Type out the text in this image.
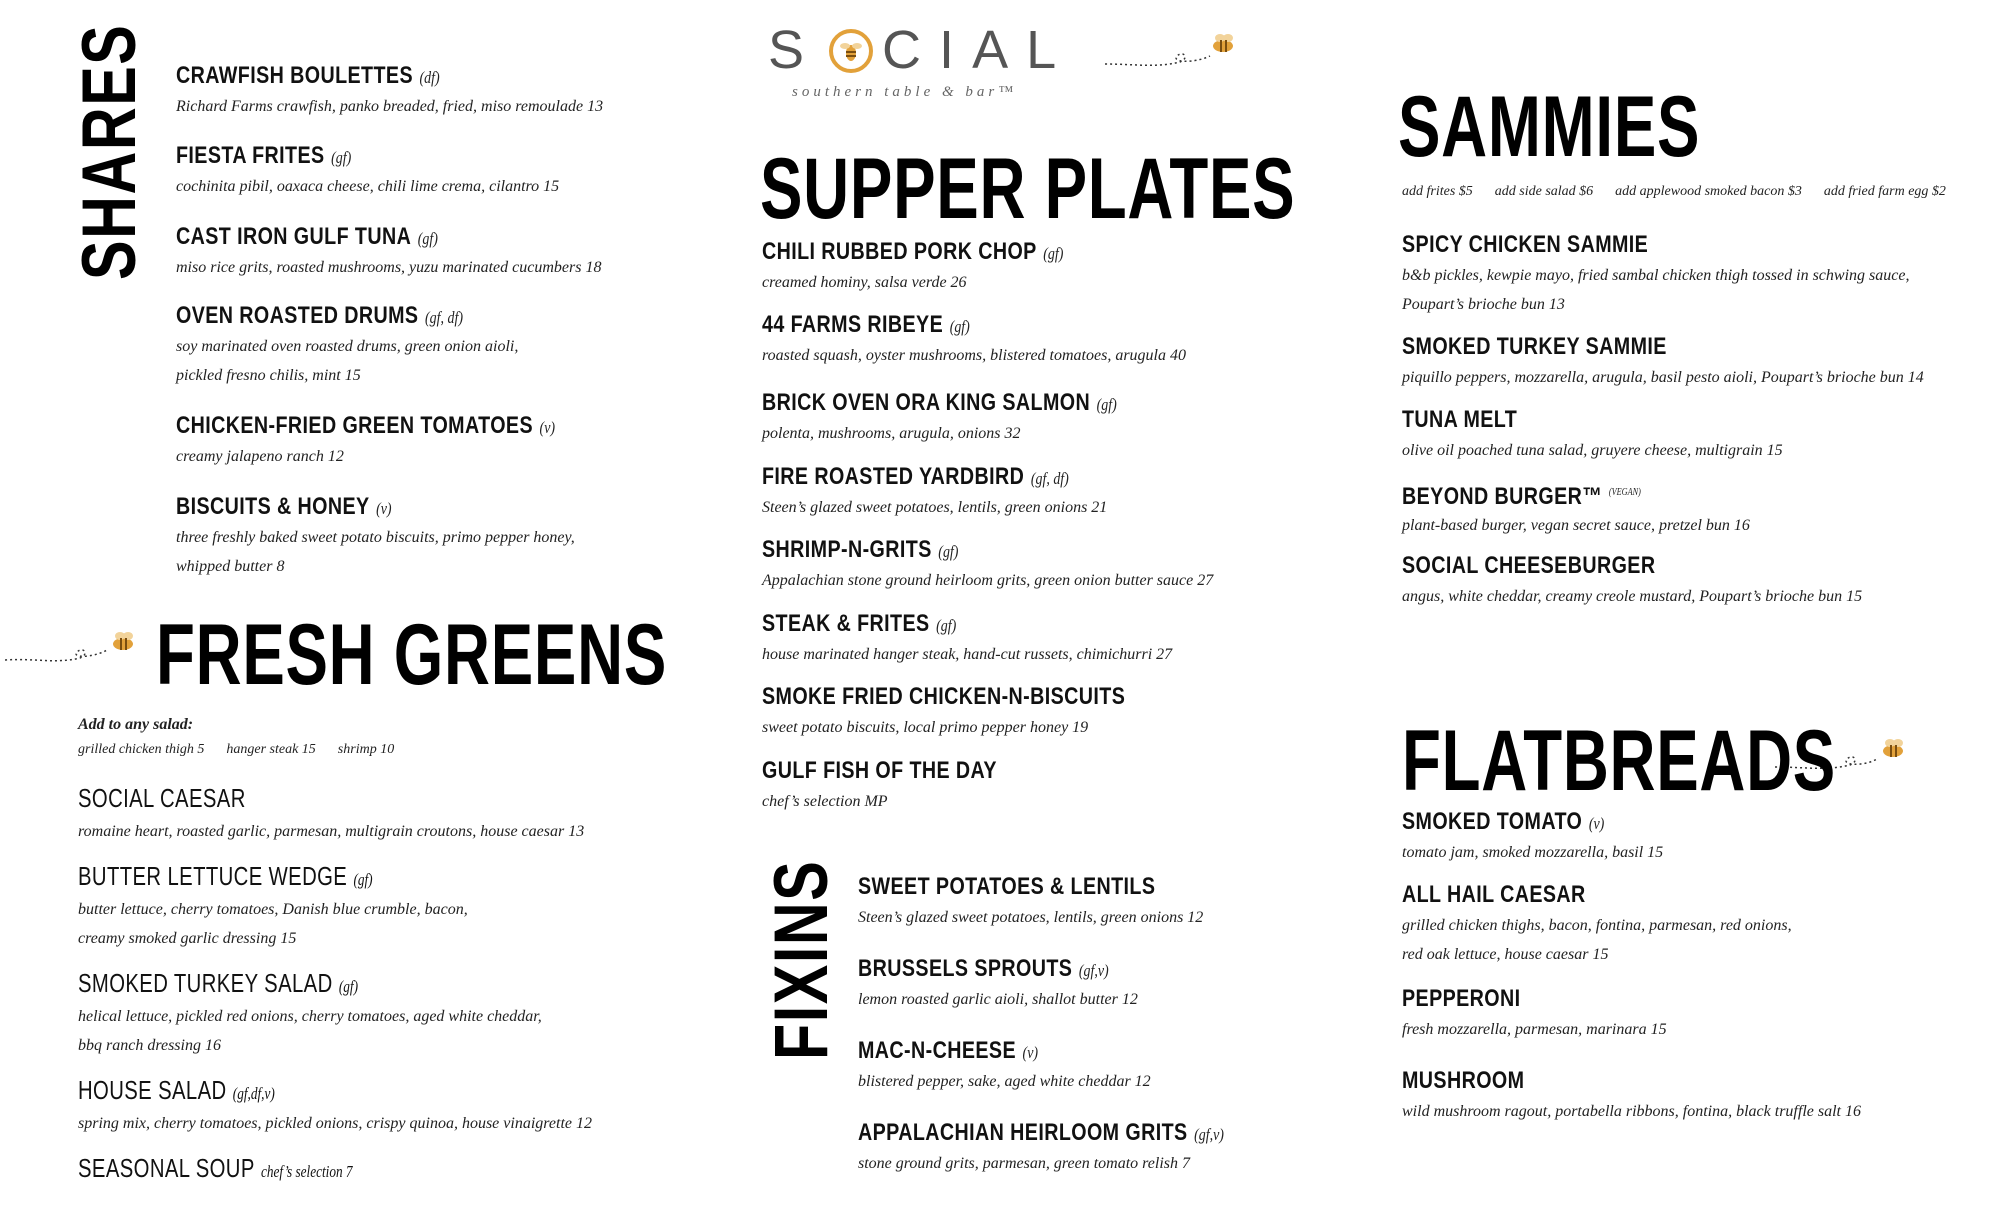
S CIAL
southern table & bar™
SHARES CRAWFISH BOULETTES (df)
Richard Farms crawfish, panko breaded, fried, miso remoulade 13
FIESTA FRITES (gf)
cochinita pibil, oaxaca cheese, chili lime crema, cilantro 15
CAST IRON GULF TUNA (gf)
miso rice grits, roasted mushrooms, yuzu marinated cucumbers 18
OVEN ROASTED DRUMS (gf, df)
soy marinated oven roasted drums, green onion aioli,
pickled fresno chilis, mint 15
CHICKEN-FRIED GREEN TOMATOES (v)
creamy jalapeno ranch 12
BISCUITS & HONEY (v)
three freshly baked sweet potato biscuits, primo pepper honey,
whipped butter 8
FRESH GREENS
Add to any salad:
grilled chicken thigh 5 hanger steak 15 shrimp 10
SOCIAL CAESAR
romaine heart, roasted garlic, parmesan, multigrain croutons, house caesar 13
BUTTER LETTUCE WEDGE (gf)
butter lettuce, cherry tomatoes, Danish blue crumble, bacon,
creamy smoked garlic dressing 15
SMOKED TURKEY SALAD (gf)
helical lettuce, pickled red onions, cherry tomatoes, aged white cheddar,
bbq ranch dressing 16
HOUSE SALAD (gf,df,v)
spring mix, cherry tomatoes, pickled onions, crispy quinoa, house vinaigrette 12
SEASONAL SOUP chef’s selection 7
SUPPER PLATES
CHILI RUBBED PORK CHOP (gf)
creamed hominy, salsa verde 26
44 FARMS RIBEYE (gf)
roasted squash, oyster mushrooms, blistered tomatoes, arugula 40
BRICK OVEN ORA KING SALMON (gf)
polenta, mushrooms, arugula, onions 32
FIRE ROASTED YARDBIRD (gf, df)
Steen’s glazed sweet potatoes, lentils, green onions 21
SHRIMP-N-GRITS (gf)
Appalachian stone ground heirloom grits, green onion butter sauce 27
STEAK & FRITES (gf)
house marinated hanger steak, hand-cut russets, chimichurri 27
SMOKE FRIED CHICKEN-N-BISCUITS
sweet potato biscuits, local primo pepper honey 19
GULF FISH OF THE DAY
chef’s selection MP
FIXINS SWEET POTATOES & LENTILS
Steen’s glazed sweet potatoes, lentils, green onions 12
BRUSSELS SPROUTS (gf,v)
lemon roasted garlic aioli, shallot butter 12
MAC-N-CHEESE (v)
blistered pepper, sake, aged white cheddar 12
APPALACHIAN HEIRLOOM GRITS (gf,v)
stone ground grits, parmesan, green tomato relish 7
SAMMIES
add frites $5 add side salad $6 add applewood smoked bacon $3 add fried farm egg $2
SPICY CHICKEN SAMMIE
b&b pickles, kewpie mayo, fried sambal chicken thigh tossed in schwing sauce,
Poupart’s brioche bun 13
SMOKED TURKEY SAMMIE
piquillo peppers, mozzarella, arugula, basil pesto aioli, Poupart’s brioche bun 14
TUNA MELT
olive oil poached tuna salad, gruyere cheese, multigrain 15
BEYOND BURGER™ $^{(VEGAN)}$
plant-based burger, vegan secret sauce, pretzel bun 16
SOCIAL CHEESEBURGER
angus, white cheddar, creamy creole mustard, Poupart’s brioche bun 15
FLATBREADS
SMOKED TOMATO (v)
tomato jam, smoked mozzarella, basil 15
ALL HAIL CAESAR
grilled chicken thighs, bacon, fontina, parmesan, red onions,
red oak lettuce, house caesar 15
PEPPERONI
fresh mozzarella, parmesan, marinara 15
MUSHROOM
wild mushroom ragout, portabella ribbons, fontina, black truffle salt 16
